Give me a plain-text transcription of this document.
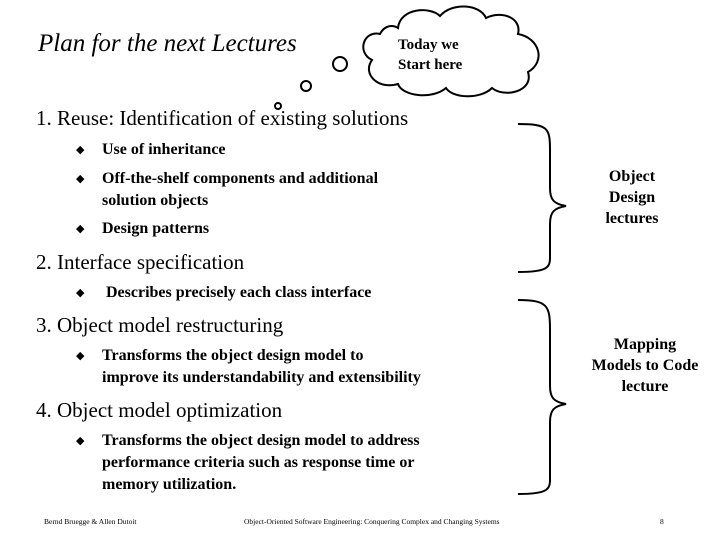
Plan for the next Lectures	Today we
Start here
1. Reuse: Identification of existing solutions
◆ Use of inheritance
◆ Off-the-shelf components and additional
solution objects
◆ Design patterns
2. Interface specification
◆ Describes precisely each class interface
3. Object model restructuring
◆ Transforms the object design model to
improve its understandability and extensibility
4. Object model optimization
◆ Transforms the object design model to address
performance criteria such as response time or
memory utilization.
Object
Design
lectures
Mapping
Models to Code
lecture
Bernd Bruegge & Allen Dutoit	Object-Oriented Software Engineering: Conquering Complex and Changing Systems	8
